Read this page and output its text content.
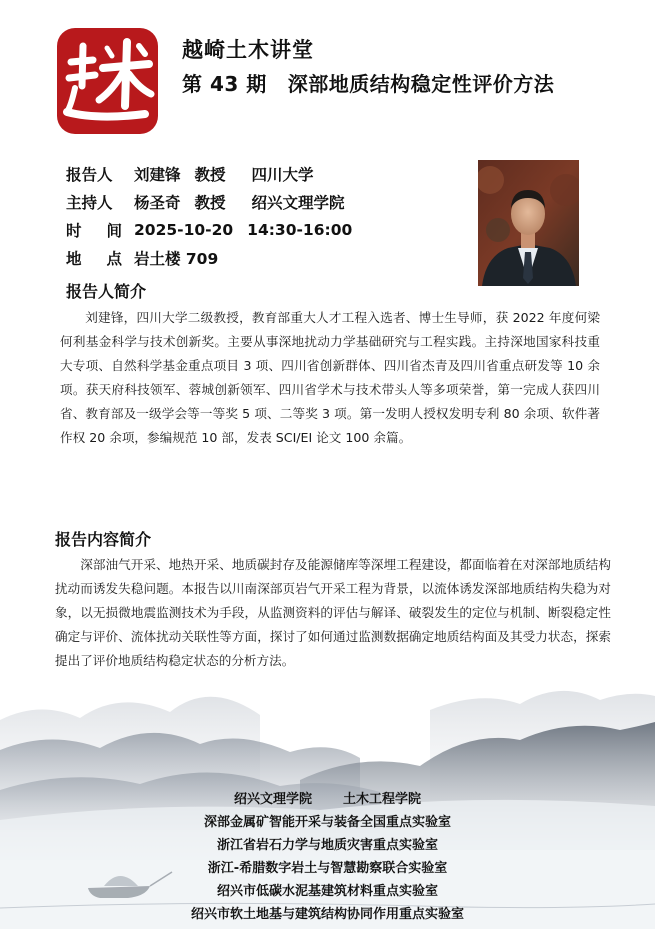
越崎土木讲堂
第 43 期 深部地质结构稳定性评价方法
报告人	刘建锋 教授 四川大学
主持人	杨圣奇 教授 绍兴文理学院
时 间 2025-10-20 14:30-16:00
地 点 岩土楼 709
报告人简介
刘建锋，四川大学二级教授，教育部重大人才工程入选者、博士生导师，获 2022 年度何梁何利基金科学与技术创新奖。主要从事深地扰动力学基础研究与工程实践。主持深地国家科技重大专项、自然科学基金重点项目 3 项、四川省创新群体、四川省杰青及四川省重点研发等 10 余项。获天府科技领军、蓉城创新领军、四川省学术与技术带头人等多项荣誉，第一完成人获四川省、教育部及一级学会等一等奖 5 项、二等奖 3 项。第一发明人授权发明专利 80 余项、软件著作权 20 余项，参编规范 10 部，发表 SCI/EI 论文 100 余篇。
报告内容简介
深部油气开采、地热开采、地质碳封存及能源储库等深埋工程建设，都面临着在对深部地质结构扰动而诱发失稳问题。本报告以川南深部页岩气开采工程为背景，以流体诱发深部地质结构失稳为对象，以无损微地震监测技术为手段，从监测资料的评估与解译、破裂发生的定位与机制、断裂稳定性确定与评价、流体扰动关联性等方面，探讨了如何通过监测数据确定地质结构面及其受力状态，探索提出了评价地质结构稳定状态的分析方法。
绍兴文理学院 土木工程学院
深部金属矿智能开采与装备全国重点实验室
浙江省岩石力学与地质灾害重点实验室
浙江-希腊数字岩土与智慧勘察联合实验室
绍兴市低碳水泥基建筑材料重点实验室
绍兴市软土地基与建筑结构协同作用重点实验室
